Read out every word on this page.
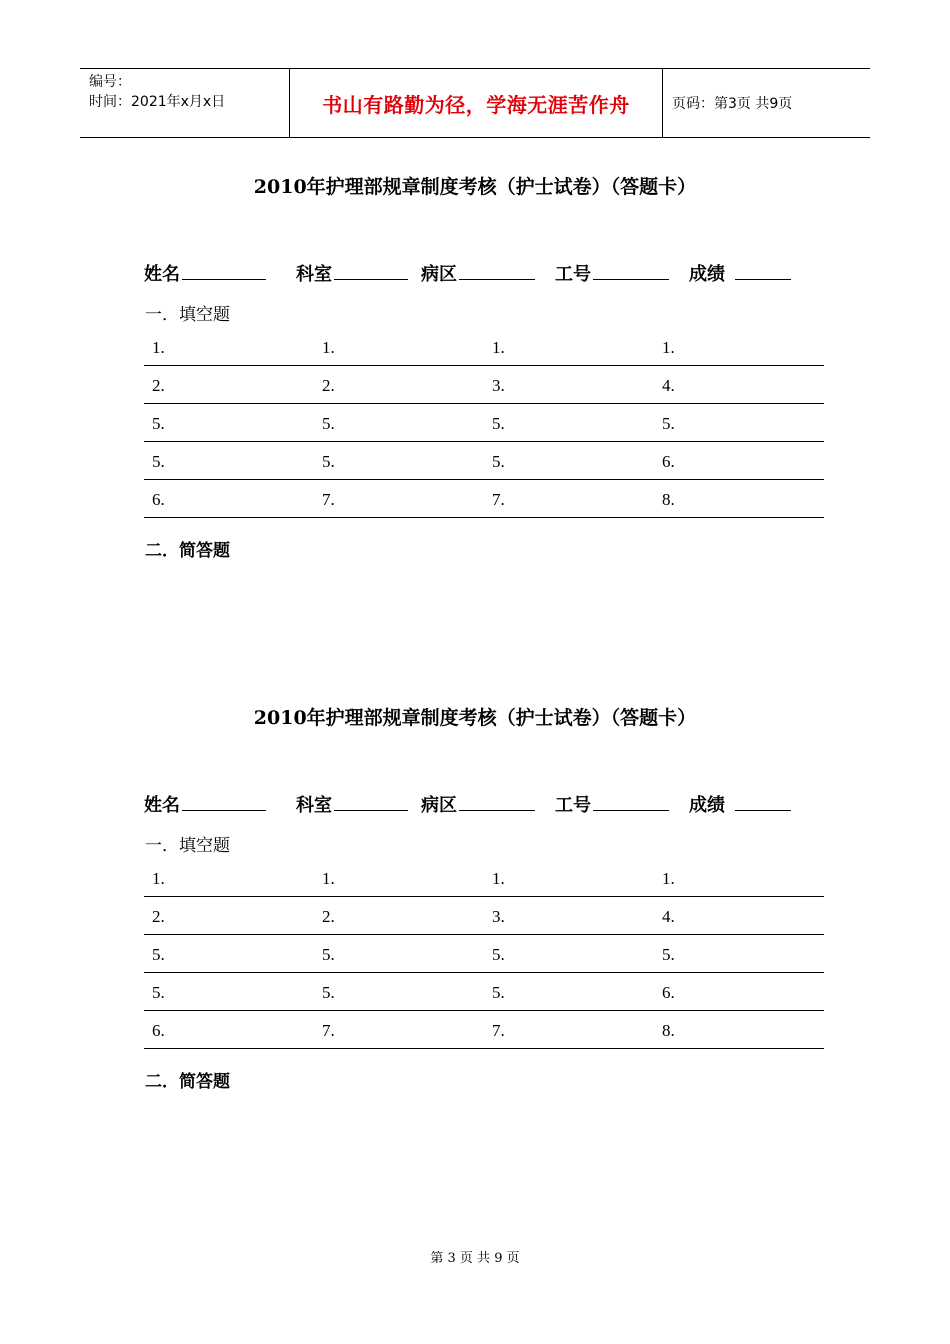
编号：
时间：2021年x月x日	书山有路勤为径，学海无涯苦作舟	页码：第3页 共9页
2010年护理部规章制度考核（护士试卷）（答题卡）
姓名	科室	病区	工号	成绩
一．填空题
1.	1.	1.	1.
2.	2.	3.	4.
5.	5.	5.	5.
5.	5.	5.	6.
6.	7.	7.	8.
二．简答题
2010年护理部规章制度考核（护士试卷）（答题卡）
姓名	科室	病区	工号	成绩
一．填空题
1.	1.	1.	1.
2.	2.	3.	4.
5.	5.	5.	5.
5.	5.	5.	6.
6.	7.	7.	8.
二．简答题
第 3 页 共 9 页
